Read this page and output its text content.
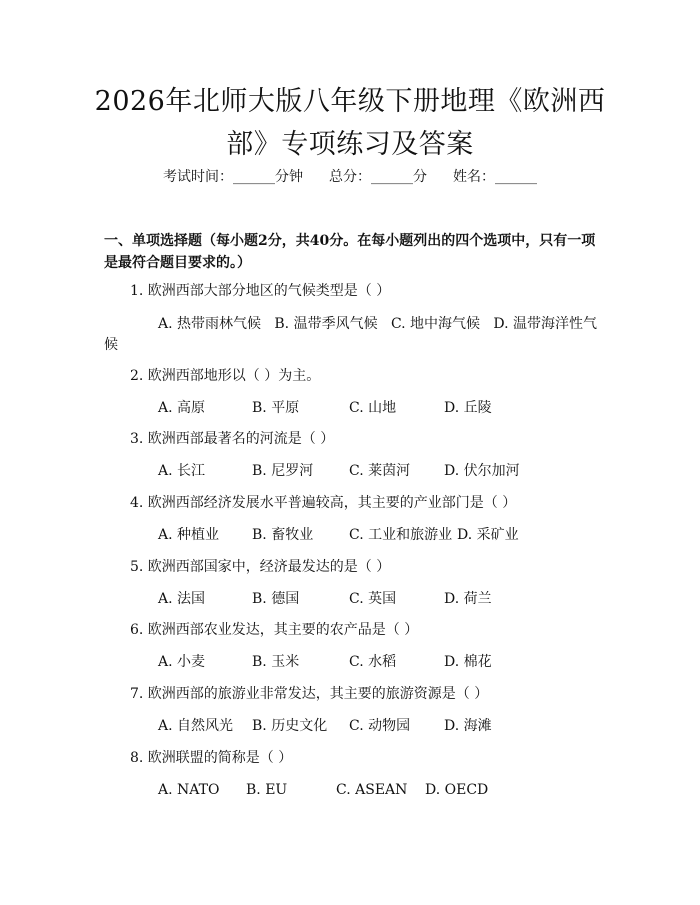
2026年北师大版八年级下册地理《欧洲西部》专项练习及答案
考试时间：______分钟 总分：______分 姓名：______
一、单项选择题（每小题2分，共40分。在每小题列出的四个选项中，只有一项是最符合题目要求的。）
1. 欧洲西部大部分地区的气候类型是（ ）
A. 热带雨林气候 B. 温带季风气候 C. 地中海气候 D. 温带海洋性气候
2. 欧洲西部地形以（ ）为主。
A. 高原	B. 平原	C. 山地	D. 丘陵
3. 欧洲西部最著名的河流是（ ）
A. 长江	B. 尼罗河	C. 莱茵河 D. 伏尔加河
4. 欧洲西部经济发展水平普遍较高，其主要的产业部门是（ ）
A. 种植业 B. 畜牧业	C. 工业和旅游业 D. 采矿业
5. 欧洲西部国家中，经济最发达的是（ ）
A. 法国	B. 德国	C. 英国	D. 荷兰
6. 欧洲西部农业发达，其主要的农产品是（ ）
A. 小麦	B. 玉米	C. 水稻	D. 棉花
7. 欧洲西部的旅游业非常发达，其主要的旅游资源是（ ）
A. 自然风光 B. 历史文化 C. 动物园 D. 海滩
8. 欧洲联盟的简称是（ ）
A. NATO B. EU	C. ASEAN D. OECD
